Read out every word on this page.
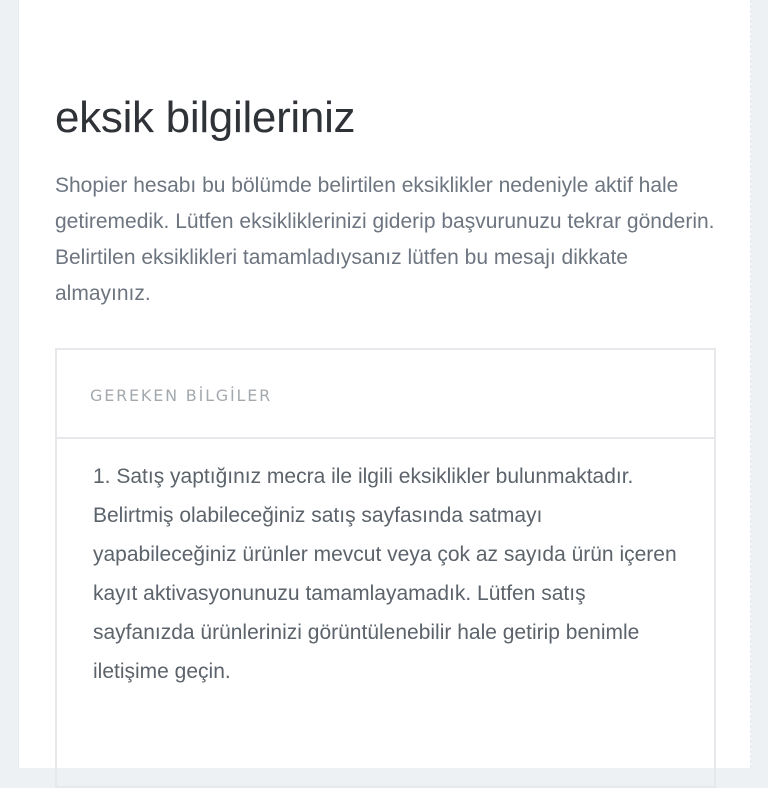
eksik bilgileriniz

Shopier hesabı bu bölümde belirtilen eksiklikler nedeniyle aktif hale getiremedik. Lütfen eksikliklerinizi giderip başvurunuzu tekrar gönderin. Belirtilen eksiklikleri tamamladıysanız lütfen bu mesajı dikkate almayınız.

GEREKEN BİLGİLER

1. Satış yaptığınız mecra ile ilgili eksiklikler bulunmaktadır. Belirtmiş olabileceğiniz satış sayfasında satmayı yapabileceğiniz ürünler mevcut veya çok az sayıda ürün içeren kayıt aktivasyonunuzu tamamlayamadık. Lütfen satış sayfanızda ürünlerinizi görüntülenebilir hale getirip benimle iletişime geçin.
